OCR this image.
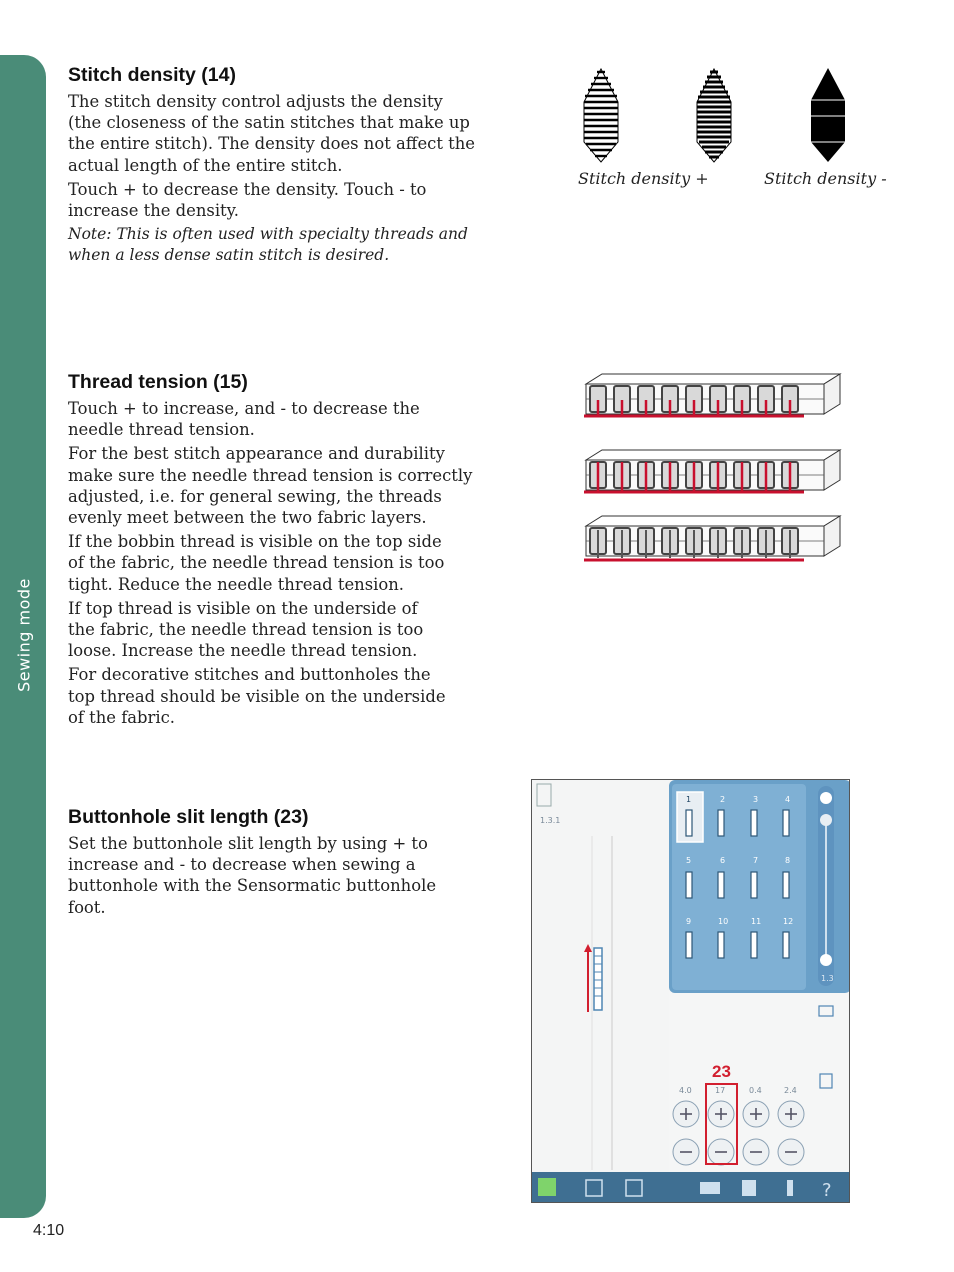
Sewing mode
Stitch density (14)

The stitch density control adjusts the density (the closeness of the satin stitches that make up the entire stitch). The density does not affect the actual length of the entire stitch.

Touch + to decrease the density. Touch - to increase the density.

Note: This is often used with specialty threads and when a less dense satin stitch is desired.

Stitch density +	Stitch density -
Thread tension (15)

Touch + to increase, and - to decrease the needle thread tension.

For the best stitch appearance and durability make sure the needle thread tension is correctly adjusted, i.e. for general sewing, the threads evenly meet between the two fabric layers.

If the bobbin thread is visible on the top side of the fabric, the needle thread tension is too tight. Reduce the needle thread tension.

If top thread is visible on the underside of the fabric, the needle thread tension is too loose. Increase the needle thread tension.

For decorative stitches and buttonholes the top thread should be visible on the underside of the fabric.

Buttonhole slit length (23)

Set the buttonhole slit length by using + to increase and - to decrease when sewing a buttonhole with the Sensormatic buttonhole foot.

?
1.3.1
1	2	3	4
5	6	7	8
9	10	11	12
1.3
4.0	17	0.4	2.4
23
4:10
